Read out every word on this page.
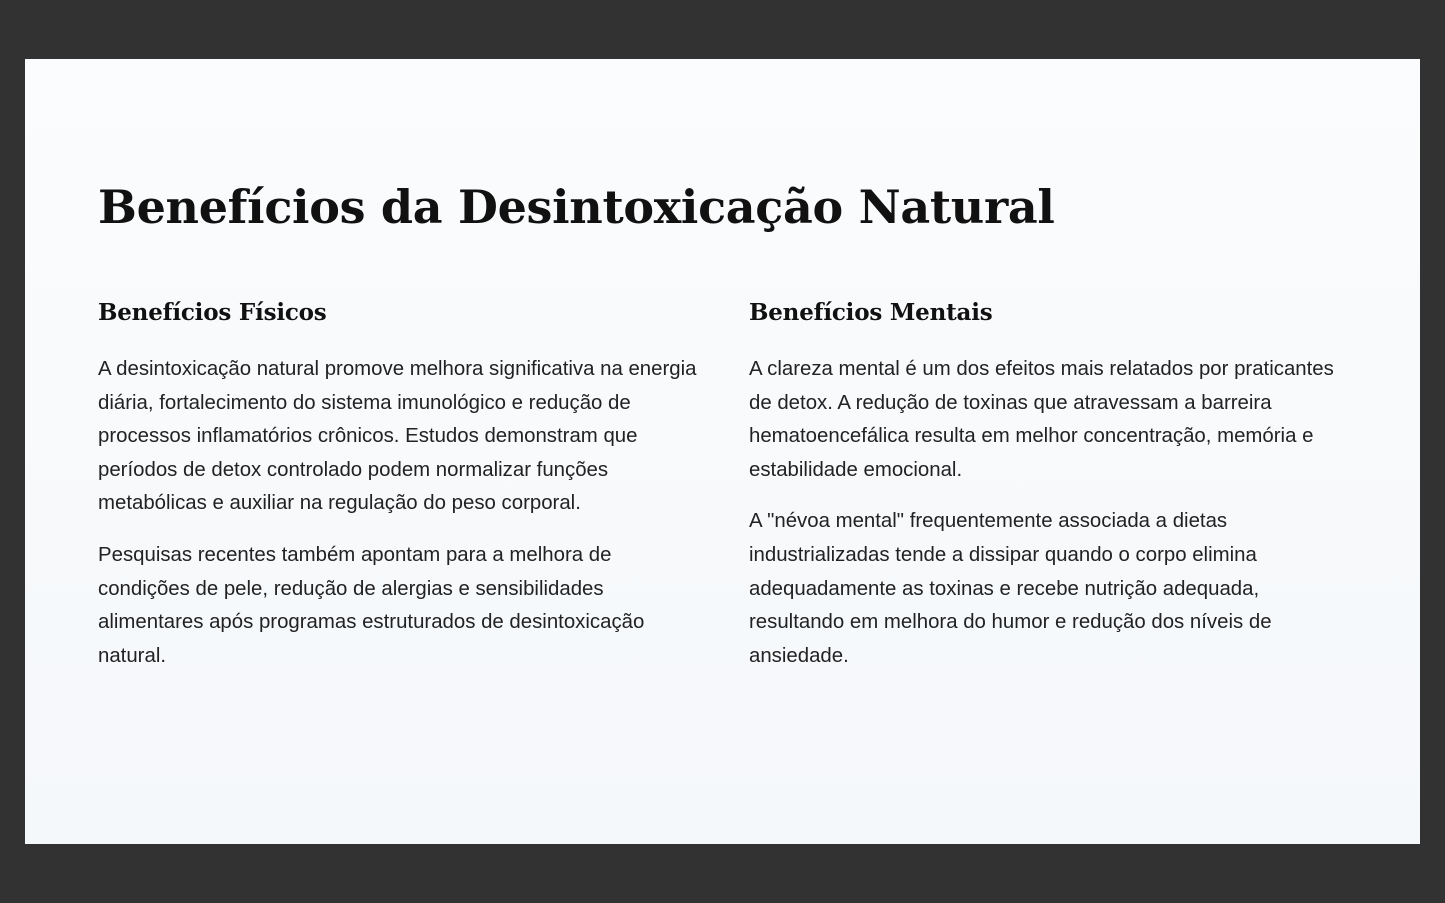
Benefícios da Desintoxicação Natural
Benefícios Físicos

A desintoxicação natural promove melhora significativa na energia diária, fortalecimento do sistema imunológico e redução de processos inflamatórios crônicos. Estudos demonstram que períodos de detox controlado podem normalizar funções metabólicas e auxiliar na regulação do peso corporal.

Pesquisas recentes também apontam para a melhora de condições de pele, redução de alergias e sensibilidades alimentares após programas estruturados de desintoxicação natural.

Benefícios Mentais

A clareza mental é um dos efeitos mais relatados por praticantes de detox. A redução de toxinas que atravessam a barreira hematoencefálica resulta em melhor concentração, memória e estabilidade emocional.

A "névoa mental" frequentemente associada a dietas industrializadas tende a dissipar quando o corpo elimina adequadamente as toxinas e recebe nutrição adequada, resultando em melhora do humor e redução dos níveis de ansiedade.
